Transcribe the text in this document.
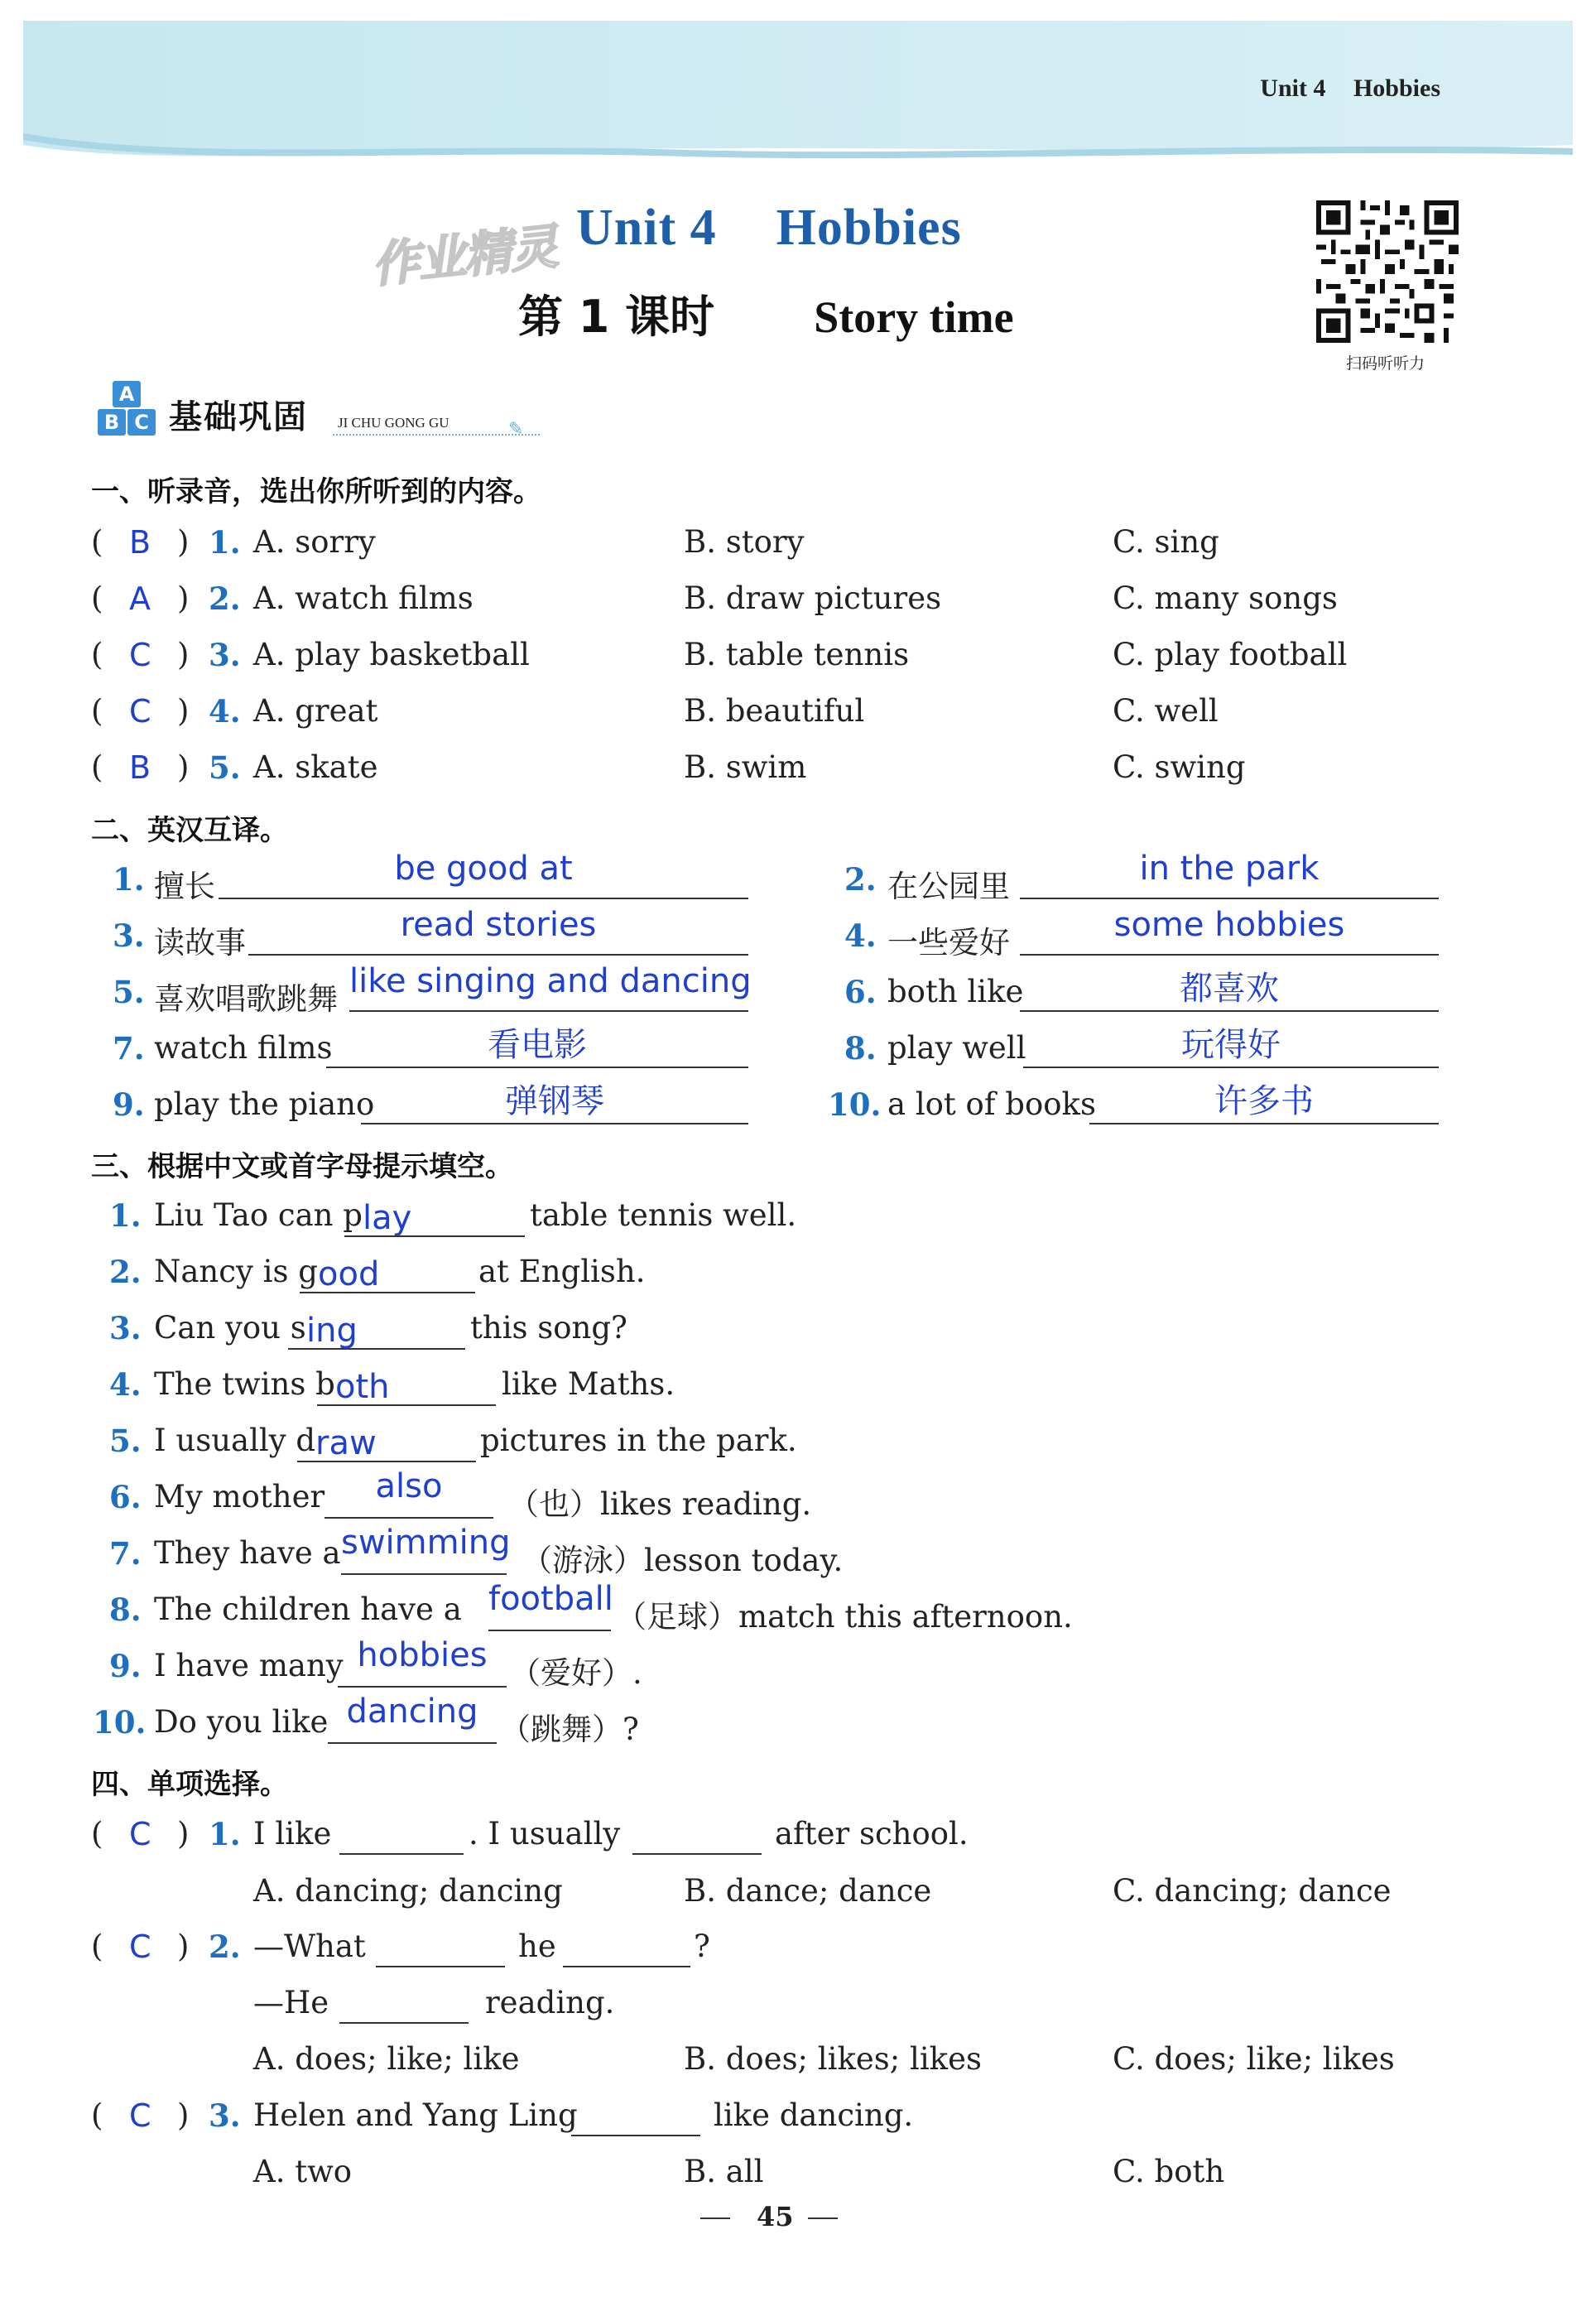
Unit 4 Hobbies
作业精灵 Unit 4 Hobbies
第 1 课时 Story time
扫码听听力
A
B C 基础巩固 JI CHU GONG GU	✎
一、听录音，选出你所听到的内容。
( B ) 1. A. sorry	B. story	C. sing
( A ) 2. A. watch films	B. draw pictures	C. many songs
( C ) 3. A. play basketball	B. table tennis	C. play football
( C ) 4. A. great	B. beautiful	C. well
( B ) 5. A. skate	B. swim	C. swing
二、英汉互译。
1. 擅长	be good at	2. 在公园里	in the park
3. 读故事	read stories	4. 一些爱好	some hobbies
5. 喜欢唱歌跳舞 like singing and dancing	6. both like	都喜欢
7. watch films	看电影	8. play well	玩得好
9. play the piano	弹钢琴	10. a lot of books	许多书
三、根据中文或首字母提示填空。
1. Liu Tao can p lay	table tennis well.
2. Nancy is g ood	at English.
3. Can you s ing	this song?
4. The twins b oth	like Maths.
5. I usually d raw	pictures in the park.
6. My mother	also	（也）likes reading.
7. They have a swimming （游泳）lesson today.
8. The children have a football （足球）match this afternoon.
9. I have many hobbies （爱好）.
10. Do you like dancing （跳舞）?
四、单项选择。
( C ) 1. I like	. I usually	after school.
A. dancing; dancing	B. dance; dance	C. dancing; dance
( C ) 2. —What	he	?
—He	reading.
A. does; like; like	B. does; likes; likes	C. does; like; likes
( C ) 3. Helen and Yang Ling	like dancing.
A. two	B. all	C. both
45
